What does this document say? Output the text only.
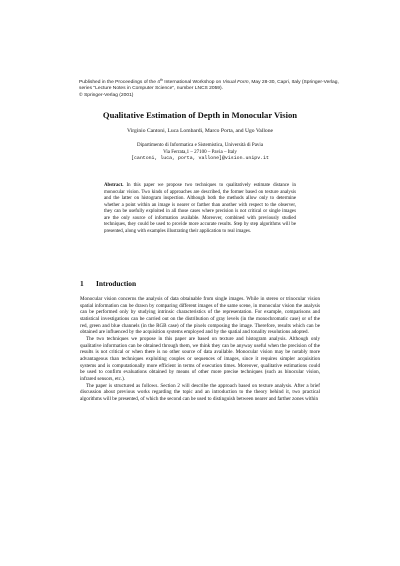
Published in the Proceedings of the 4th International Workshop on Visual Form, May 28-30, Capri, Italy (Springer-Verlag, series "Lecture Notes in Computer Science", number LNCS 2059).
© Springer-Verlag (2001)
Qualitative Estimation of Depth in Monocular Vision
Virginio Cantoni, Luca Lombardi, Marco Porta, and Ugo Vallone
Dipartimento di Informatica e Sistemistica, Università di Pavia
Via Ferrata,1 – 27100 – Pavia – Italy
[cantoni, luca, porta, vallone]@vision.unipv.it
Abstract. In this paper we propose two techniques to qualitatively estimate distance in monocular vision. Two kinds of approaches are described, the former based on texture analysis and the latter on histogram inspection. Although both the methods allow only to determine whether a point within an image is nearer or farther than another with respect to the observer, they can be usefully exploited in all those cases where precision is not critical or single images are the only source of information available. Moreover, combined with previously studied techniques, they could be used to provide more accurate results. Step by step algorithms will be presented, along with examples illustrating their application to real images.
1 Introduction

Monocular vision concerns the analysis of data obtainable from single images. While in stereo or trinocular vision spatial information can be drawn by comparing different images of the same scene, in monocular vision the analysis can be performed only by studying intrinsic characteristics of the representation. For example, comparisons and statistical investigations can be carried out on the distribution of gray levels (in the monochromatic case) or of the red, green and blue channels (in the RGB case) of the pixels composing the image. Therefore, results which can be obtained are influenced by the acquisition systems employed and by the spatial and tonality resolutions adopted.

The two techniques we propose in this paper are based on texture and histogram analysis. Although only qualitative information can be obtained through them, we think they can be anyway useful when the precision of the results is not critical or when there is no other source of data available. Monocular vision may be notably more advantageous than techniques exploiting couples or sequences of images, since it requires simpler acquisition systems and is computationally more efficient in terms of execution times. Moreover, qualitative estimations could be used to confirm evaluations obtained by means of other more precise techniques (such as binocular vision, infrared sensors, etc.).

The paper is structured as follows. Section 2 will describe the approach based on texture analysis. After a brief discussion about previous works regarding the topic and an introduction to the theory behind it, two practical algorithms will be presented, of which the second can be used to distinguish between nearer and farther zones within
